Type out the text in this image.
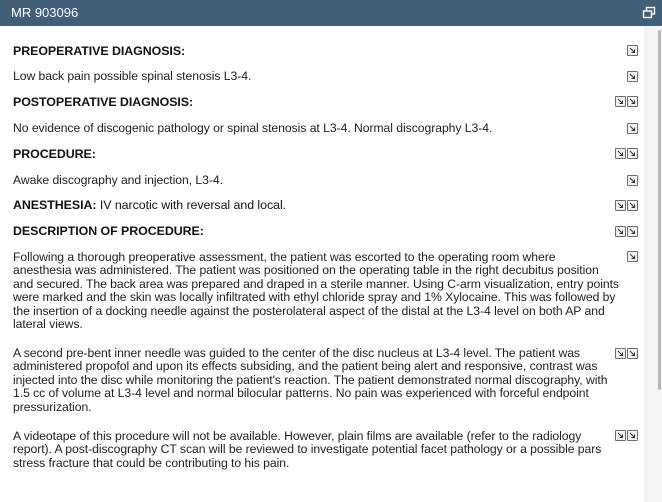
MR 903096
PREOPERATIVE DIAGNOSIS:
Low back pain possible spinal stenosis L3-4.
POSTOPERATIVE DIAGNOSIS:
No evidence of discogenic pathology or spinal stenosis at L3-4. Normal discography L3-4.
PROCEDURE:
Awake discography and injection, L3-4.
ANESTHESIA: IV narcotic with reversal and local.
DESCRIPTION OF PROCEDURE:
Following a thorough preoperative assessment, the patient was escorted to the operating room where
anesthesia was administered. The patient was positioned on the operating table in the right decubitus position
and secured. The back area was prepared and draped in a sterile manner. Using C-arm visualization, entry points
were marked and the skin was locally infiltrated with ethyl chloride spray and 1% Xylocaine. This was followed by
the insertion of a docking needle against the posterolateral aspect of the distal at the L3-4 level on both AP and
lateral views.
A second pre-bent inner needle was guided to the center of the disc nucleus at L3-4 level. The patient was
administered propofol and upon its effects subsiding, and the patient being alert and responsive, contrast was
injected into the disc while monitoring the patient's reaction. The patient demonstrated normal discography, with
1.5 cc of volume at L3-4 level and normal bilocular patterns. No pain was experienced with forceful endpoint
pressurization.
A videotape of this procedure will not be available. However, plain films are available (refer to the radiology
report). A post-discography CT scan will be reviewed to investigate potential facet pathology or a possible pars
stress fracture that could be contributing to his pain.
